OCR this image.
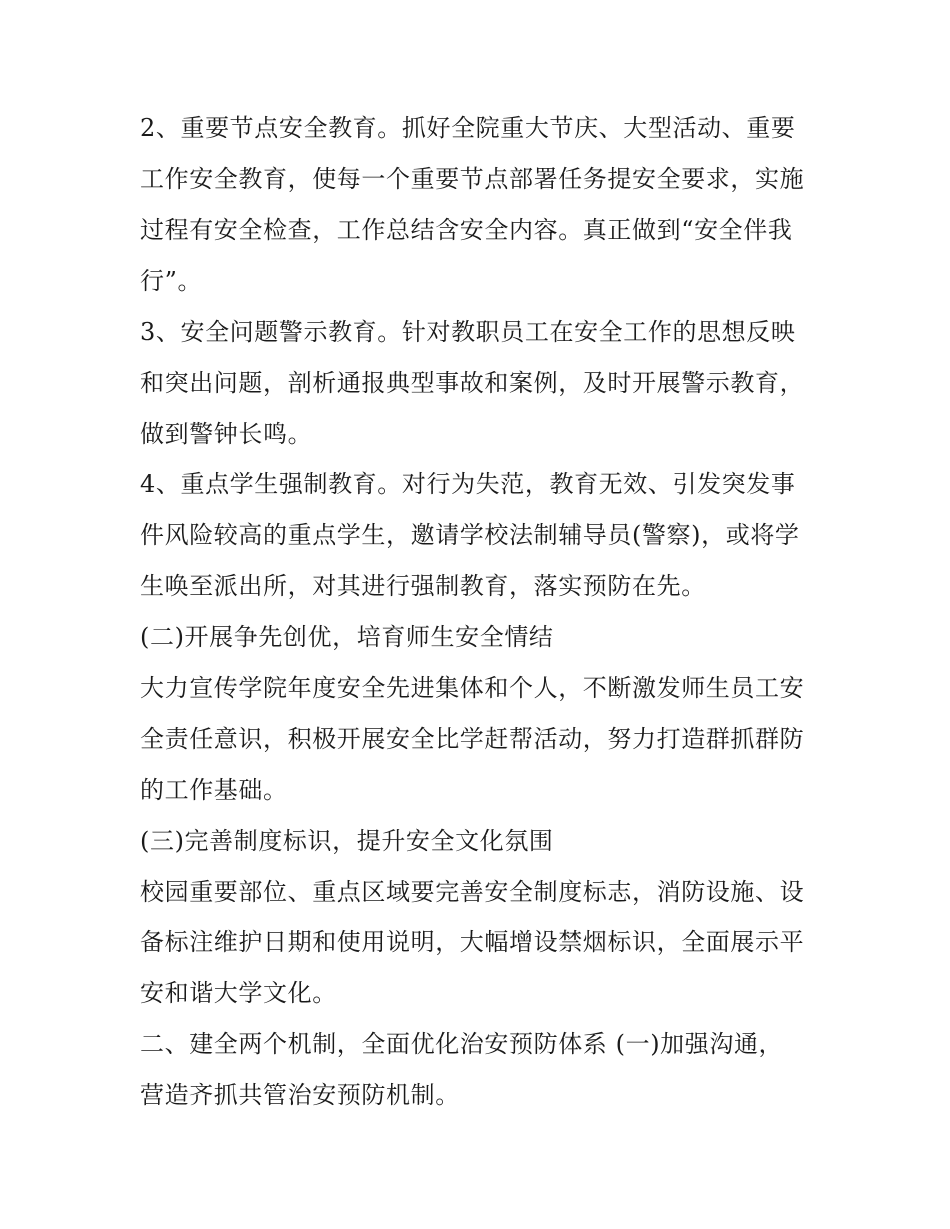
2、重要节点安全教育。抓好全院重大节庆、大型活动、重要
工作安全教育，使每一个重要节点部署任务提安全要求，实施
过程有安全检查，工作总结含安全内容。真正做到“安全伴我
行”。
3、安全问题警示教育。针对教职员工在安全工作的思想反映
和突出问题，剖析通报典型事故和案例，及时开展警示教育，
做到警钟长鸣。
4、重点学生强制教育。对行为失范，教育无效、引发突发事
件风险较高的重点学生，邀请学校法制辅导员(警察)，或将学
生唤至派出所，对其进行强制教育，落实预防在先。
(二)开展争先创优，培育师生安全情结
大力宣传学院年度安全先进集体和个人，不断激发师生员工安
全责任意识，积极开展安全比学赶帮活动，努力打造群抓群防
的工作基础。
(三)完善制度标识，提升安全文化氛围
校园重要部位、重点区域要完善安全制度标志，消防设施、设
备标注维护日期和使用说明，大幅增设禁烟标识，全面展示平
安和谐大学文化。
二、建全两个机制，全面优化治安预防体系 (一)加强沟通，
营造齐抓共管治安预防机制。
